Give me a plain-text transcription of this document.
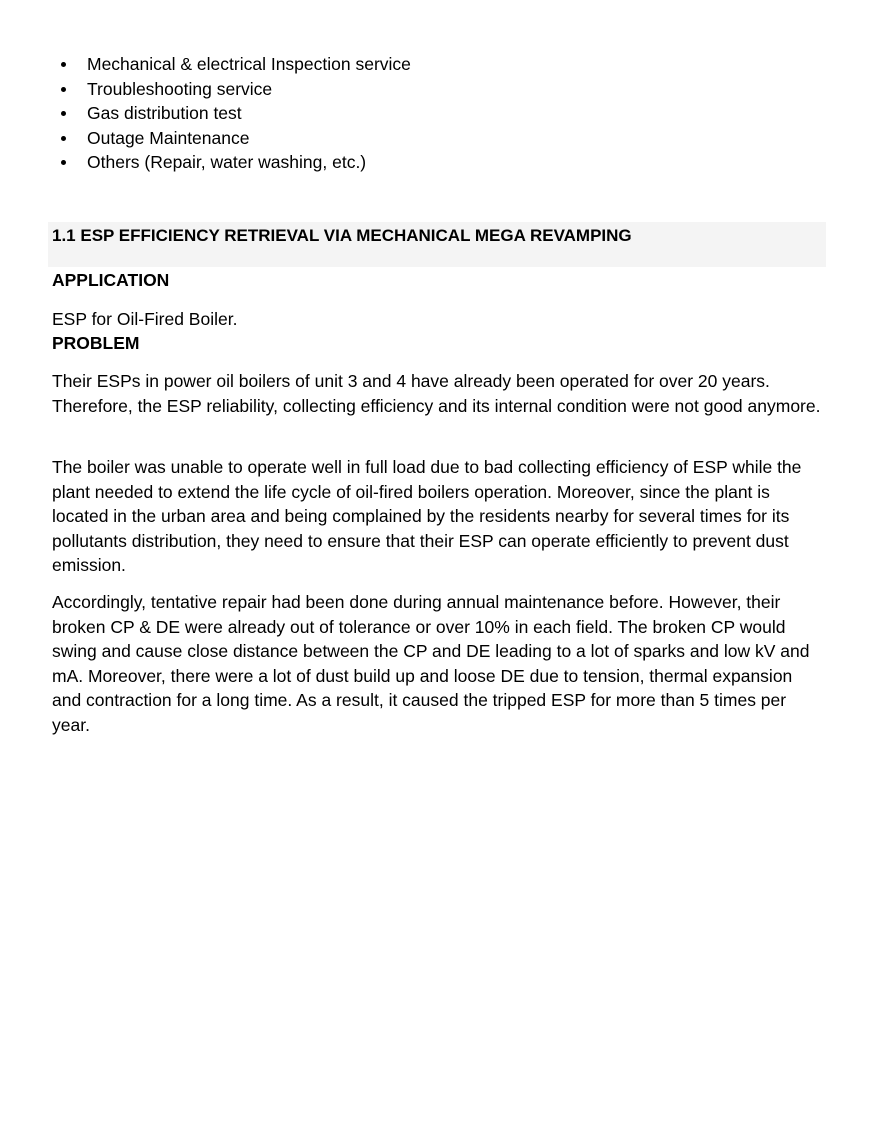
Mechanical & electrical Inspection service
Troubleshooting service
Gas distribution test
Outage Maintenance
Others (Repair, water washing, etc.)
1.1 ESP EFFICIENCY RETRIEVAL VIA MECHANICAL MEGA REVAMPING
APPLICATION
ESP for Oil-Fired Boiler.
PROBLEM

Their ESPs in power oil boilers of unit 3 and 4 have already been operated for over 20 years. Therefore, the ESP reliability, collecting efficiency and its internal condition were not good anymore.

The boiler was unable to operate well in full load due to bad collecting efficiency of ESP while the plant needed to extend the life cycle of oil-fired boilers operation. Moreover, since the plant is located in the urban area and being complained by the residents nearby for several times for its pollutants distribution, they need to ensure that their ESP can operate efficiently to prevent dust emission.

Accordingly, tentative repair had been done during annual maintenance before. However, their broken CP & DE were already out of tolerance or over 10% in each field. The broken CP would swing and cause close distance between the CP and DE leading to a lot of sparks and low kV and mA. Moreover, there were a lot of dust build up and loose DE due to tension, thermal expansion and contraction for a long time. As a result, it caused the tripped ESP for more than 5 times per year.
